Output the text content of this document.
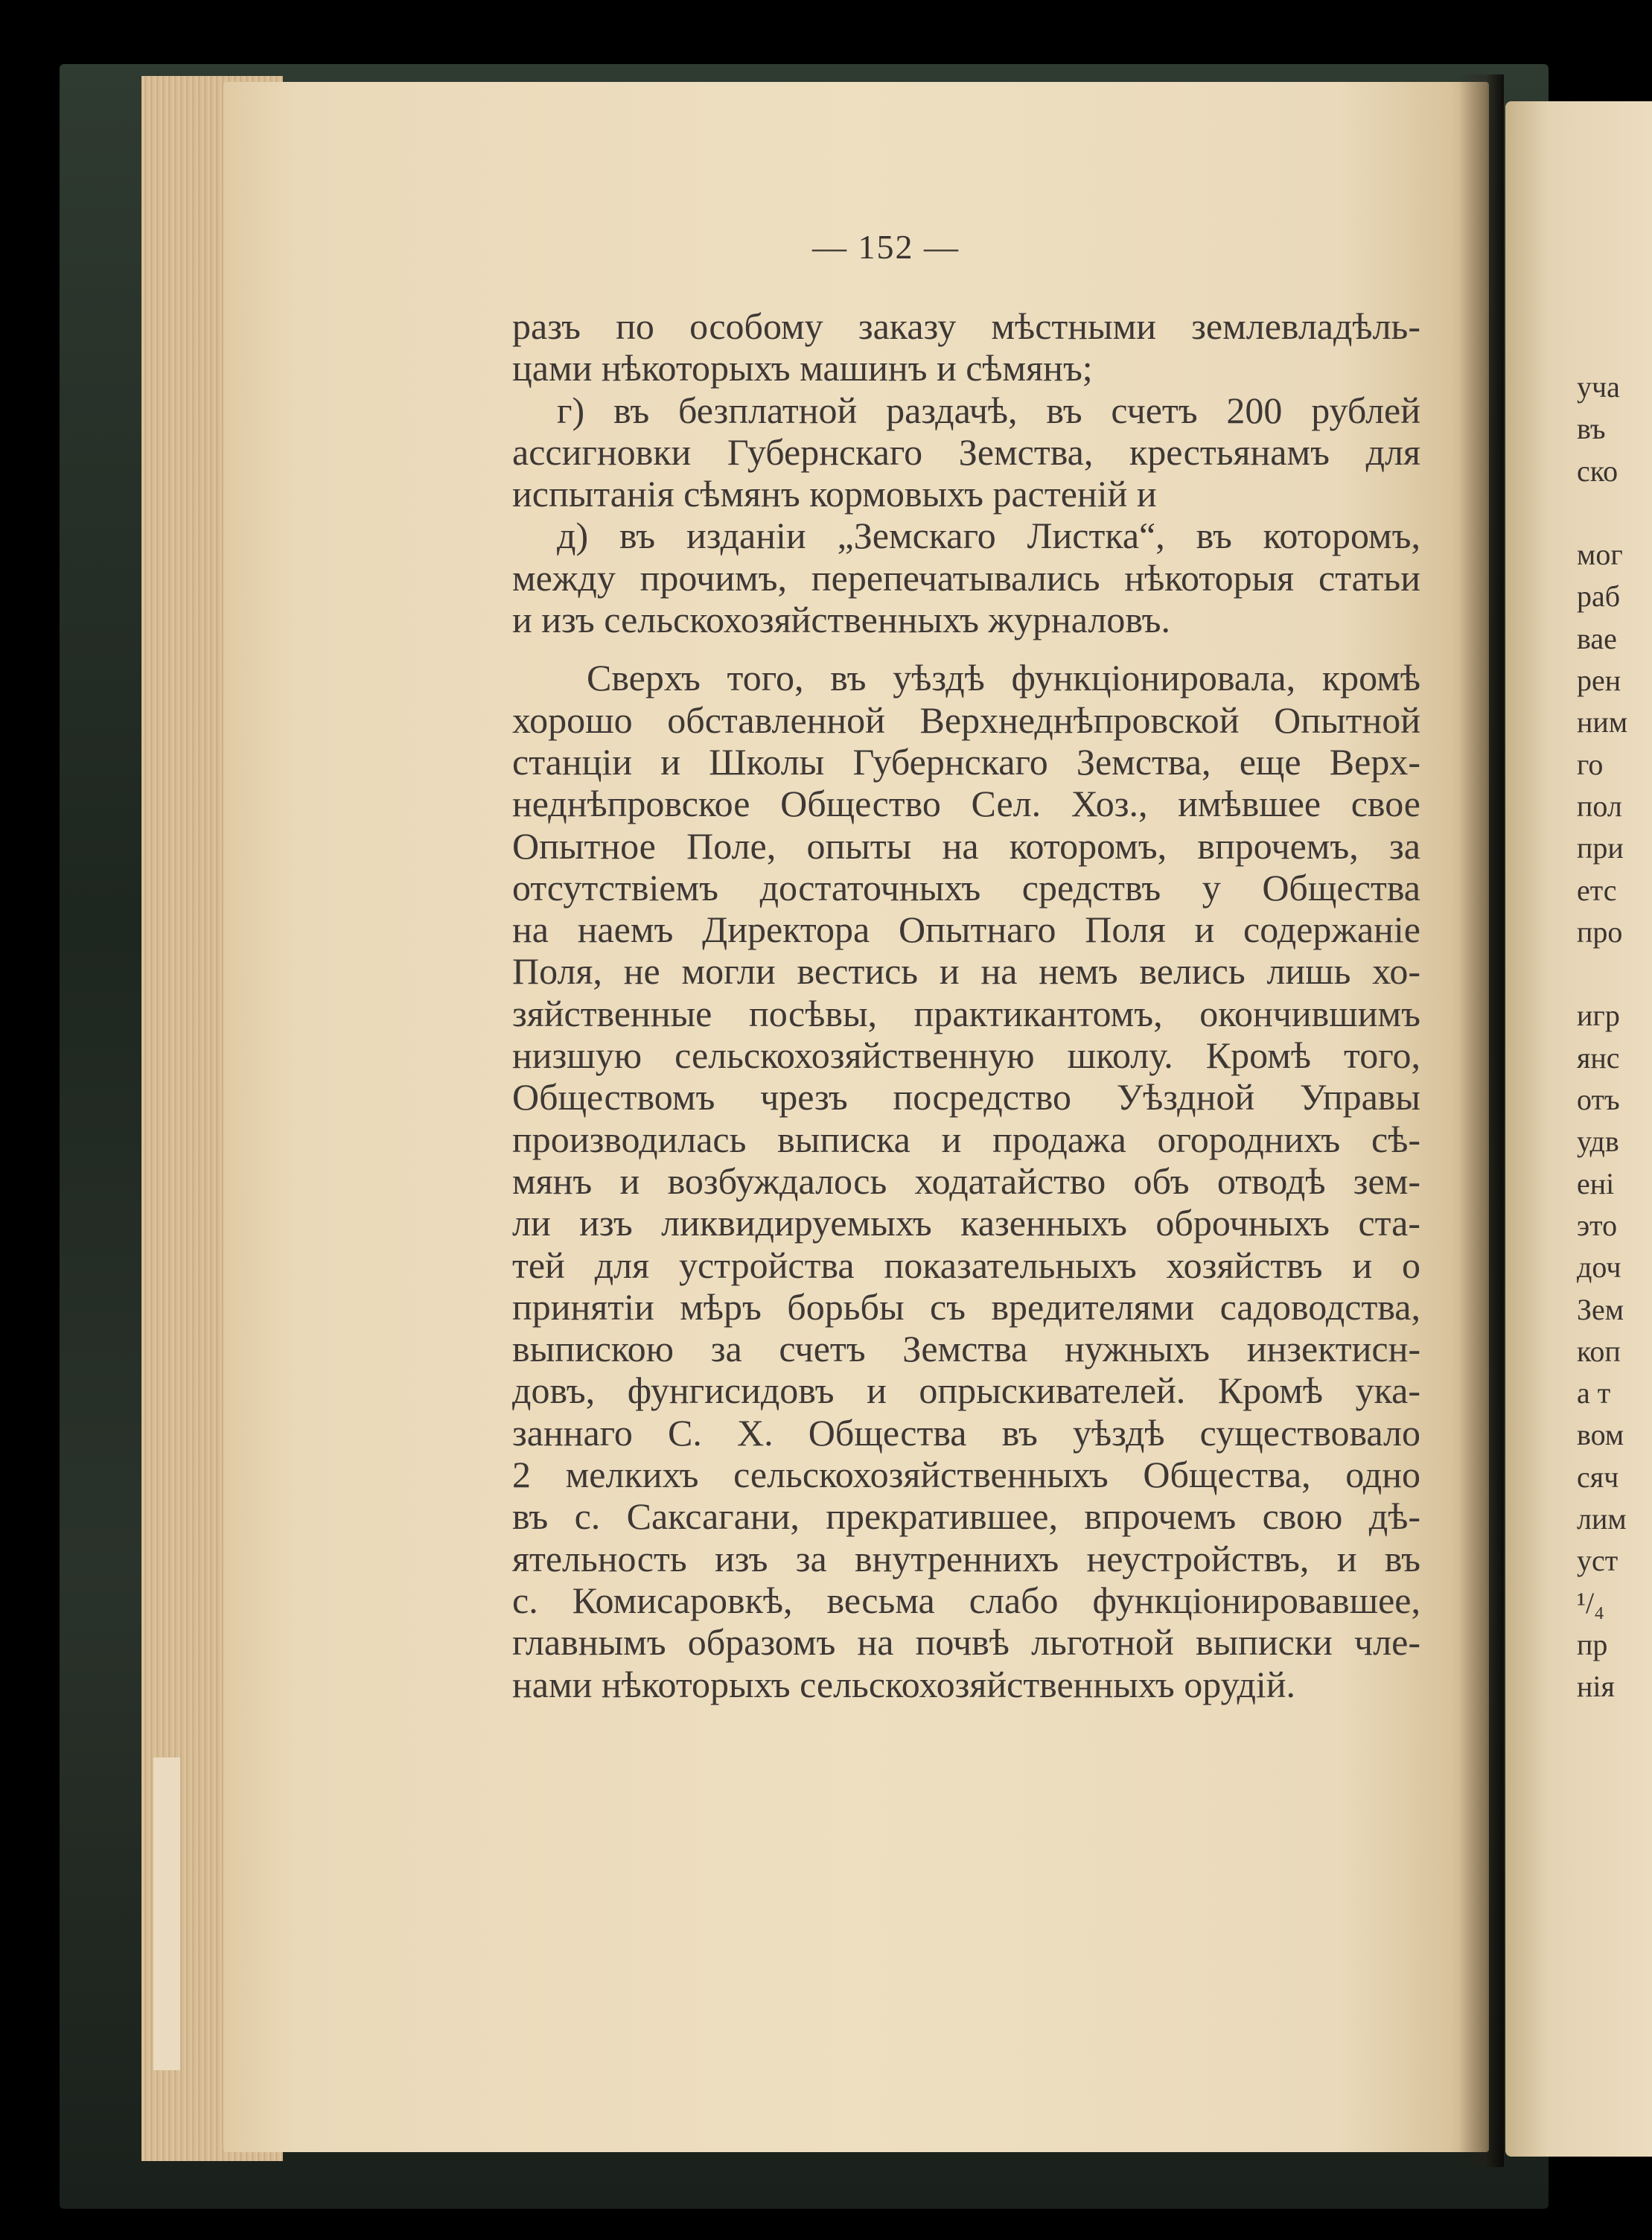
— 152 —
разъ по особому заказу мѣстными землевладѣль-
цами нѣкоторыхъ машинъ и сѣмянъ;
г) въ безплатной раздачѣ, въ счетъ 200 рублей
ассигновки Губернскаго Земства, крестьянамъ для
испытанія сѣмянъ кормовыхъ растеній и
д) въ изданіи „Земскаго Листка“, въ которомъ,
между прочимъ, перепечатывались нѣкоторыя статьи
и изъ сельскохозяйственныхъ журналовъ.
Сверхъ того, въ уѣздѣ функціонировала, кромѣ
хорошо обставленной Верхнеднѣпровской Опытной
станціи и Школы Губернскаго Земства, еще Верх-
неднѣпровское Общество Сел. Хоз., имѣвшее свое
Опытное Поле, опыты на которомъ, впрочемъ, за
отсутствіемъ достаточныхъ средствъ у Общества
на наемъ Директора Опытнаго Поля и содержаніе
Поля, не могли вестись и на немъ велись лишь хо-
зяйственные посѣвы, практикантомъ, окончившимъ
низшую сельскохозяйственную школу. Кромѣ того,
Обществомъ чрезъ посредство Уѣздной Управы
производилась выписка и продажа огороднихъ сѣ-
мянъ и возбуждалось ходатайство объ отводѣ зем-
ли изъ ликвидируемыхъ казенныхъ оброчныхъ ста-
тей для устройства показательныхъ хозяйствъ и о
принятіи мѣръ борьбы съ вредителями садоводства,
выпискою за счетъ Земства нужныхъ инзектисн-
довъ, фунгисидовъ и опрыскивателей. Кромѣ ука-
заннаго С. Х. Общества въ уѣздѣ существовало
2 мелкихъ сельскохозяйственныхъ Общества, одно
въ с. Саксагани, прекратившее, впрочемъ свою дѣ-
ятельность изъ за внутреннихъ неустройствъ, и въ
с. Комисаровкѣ, весьма слабо функціонировавшее,
главнымъ образомъ на почвѣ льготной выписки чле-
нами нѣкоторыхъ сельскохозяйственныхъ орудій.
уча
въ
ско
мог
раб
вае
рен
ним
го
пол
при
етс
про
игр
янс
отъ
удв
ені
это
доч
Зем
коп
а т
вом
сяч
лим
уст
¹/₄
пр
нія
